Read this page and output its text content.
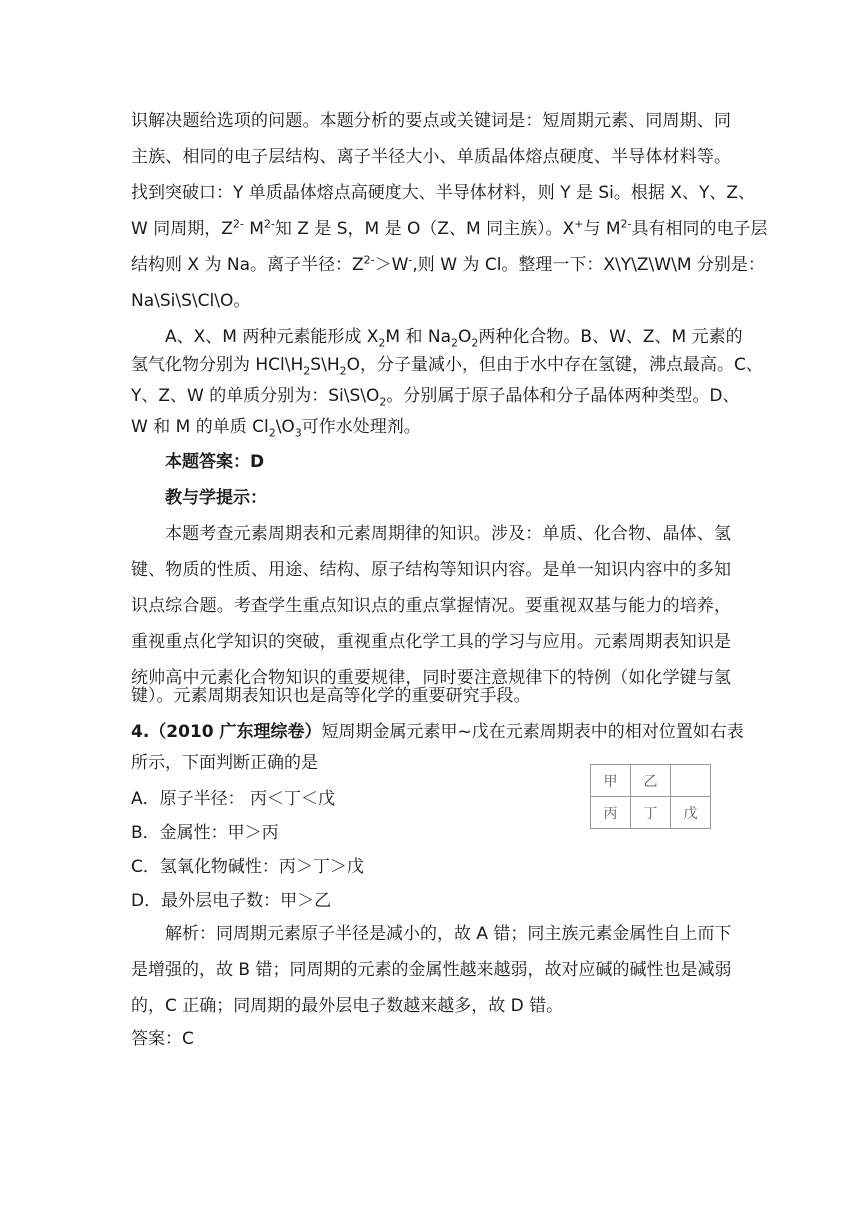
识解决题给选项的问题。本题分析的要点或关键词是：短周期元素、同周期、同
主族、相同的电子层结构、离子半径大小、单质晶体熔点硬度、半导体材料等。
找到突破口：Y 单质晶体熔点高硬度大、半导体材料，则 Y 是 Si。根据 X、Y、Z、
W 同周期，$Z^{2-}$ $M^{2-}$知 Z 是 S，M 是 O（Z、M 同主族）。X+与 $M^{2-}$具有相同的电子层
结构则 X 为 Na。离子半径：$Z^{2-}>W^-$,则 W 为 Cl。整理一下：X\Y\Z\W\M 分别是：
Na\Si\S\Cl\O。
A、X、M 两种元素能形成 $X_2M$ 和 $Na_2O_2$两种化合物。B、W、Z、M 元素的
氢气化物分别为 $HCl\backslash H_2S\backslash H_2O$，分子量减小，但由于水中存在氢键，沸点最高。C、
Y、Z、W 的单质分别为：$Si\backslash S\backslash O_2$。分别属于原子晶体和分子晶体两种类型。D、
W 和 M 的单质 $Cl_2\backslash O_3$可作水处理剂。
本题答案：D
教与学提示：
本题考查元素周期表和元素周期律的知识。涉及：单质、化合物、晶体、氢
键、物质的性质、用途、结构、原子结构等知识内容。是单一知识内容中的多知
识点综合题。考查学生重点知识点的重点掌握情况。要重视双基与能力的培养，
重视重点化学知识的突破，重视重点化学工具的学习与应用。元素周期表知识是
统帅高中元素化合物知识的重要规律，同时要注意规律下的特例（如化学键与氢
键）。元素周期表知识也是高等化学的重要研究手段。
4.（2010 广东理综卷）短周期金属元素甲~戊在元素周期表中的相对位置如右表
所示，下面判断正确的是
A．原子半径： 丙＜丁＜戊
B．金属性：甲＞丙
C．氢氧化物碱性：丙＞丁＞戊
D．最外层电子数：甲＞乙
甲	乙	
丙	丁	戊
解析：同周期元素原子半径是减小的，故 A 错；同主族元素金属性自上而下
是增强的，故 B 错；同周期的元素的金属性越来越弱，故对应碱的碱性也是减弱
的，C 正确；同周期的最外层电子数越来越多，故 D 错。
答案：C
